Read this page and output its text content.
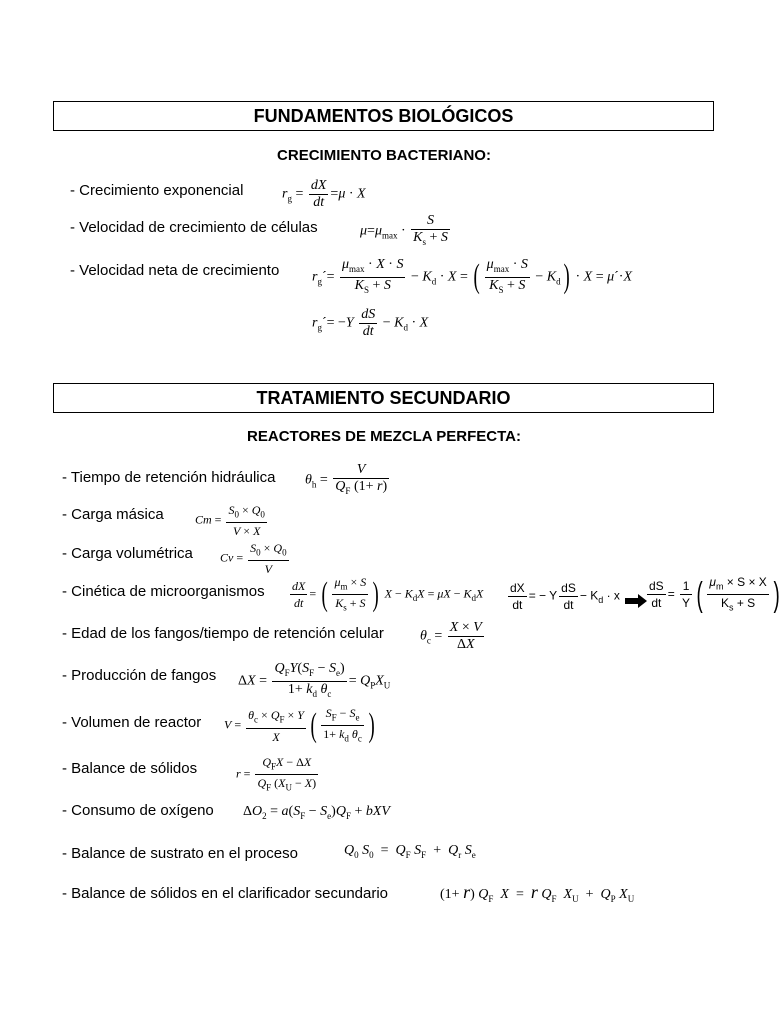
FUNDAMENTOS BIOLÓGICOS
CRECIMIENTO BACTERIANO:
- Crecimiento exponencial	$r_g = \frac{dX}{dt} =\mu \cdot X$
- Velocidad de crecimiento de células	$\mu=\mu_{max} \cdot \frac{S}{K_s + S}$
- Velocidad neta de crecimiento $r_g´= \frac{\mu_{max} \cdot X \cdot S}{K_S + S} - K_d \cdot X$ = ( $\frac{\mu_{max} \cdot S}{K_S + S} - K_d) \cdot X$ = μ´·X
$r_g´= -Y \frac{dS}{dt} - K_d \cdot X$
TRATAMIENTO SECUNDARIO
REACTORES DE MEZCLA PERFECTA:
- Tiempo de retención hidráulica $\theta_h = \frac{V}{Q_F (1+ r)}$
- Carga másica	$Cm = \frac{S_0 \times Q_0}{V \times X}$
- Carga volumétrica $Cv = \frac{S_0 \times Q_0}{V}$
- Cinética de microorganismos $\frac{dX}{dt}$ = ( $\frac{\mu_m \times S}{K_s + S}$ ) $X - K_dX = \mu X - K_dX \frac{dX}{dt}$ = − Y $\frac{dS}{dt} - K_d \cdot x \frac{dS}{dt} = \frac{1}{Y}$ ( $\frac{\mu_m \times S \times X}{K_s + S}$ )
- Edad de los fangos/tiempo de retención celular	$\theta_c = \frac{X \times V}{\Delta X}$
- Producción de fangos $\Delta X = \frac{Q_FY(S_F - S_e)}{1+ k_d \theta_c} = Q_PX_U$
- Volumen de reactor $V = \frac{\theta_c \times Q_F \times Y}{X}$ ( $\frac{S_F - S_e}{1+ k_d \theta_c}$ )
- Balance de sólidos	$r = \frac{Q_FX - \Delta X}{Q_F (X_U - X)}$
- Consumo de oxígeno $\Delta O_2 = a(S_F - S_e)Q_F$ + bXV
- Balance de sustrato en el proceso	$Q_0$ $S_0 = Q_F$ $S_F + Q_r$ $S_e$
- Balance de sólidos en el clarificador secundario	(1+ r) $Q_F$ X  =  r $Q_F$ $X_U + Q_P$ $X_U$
